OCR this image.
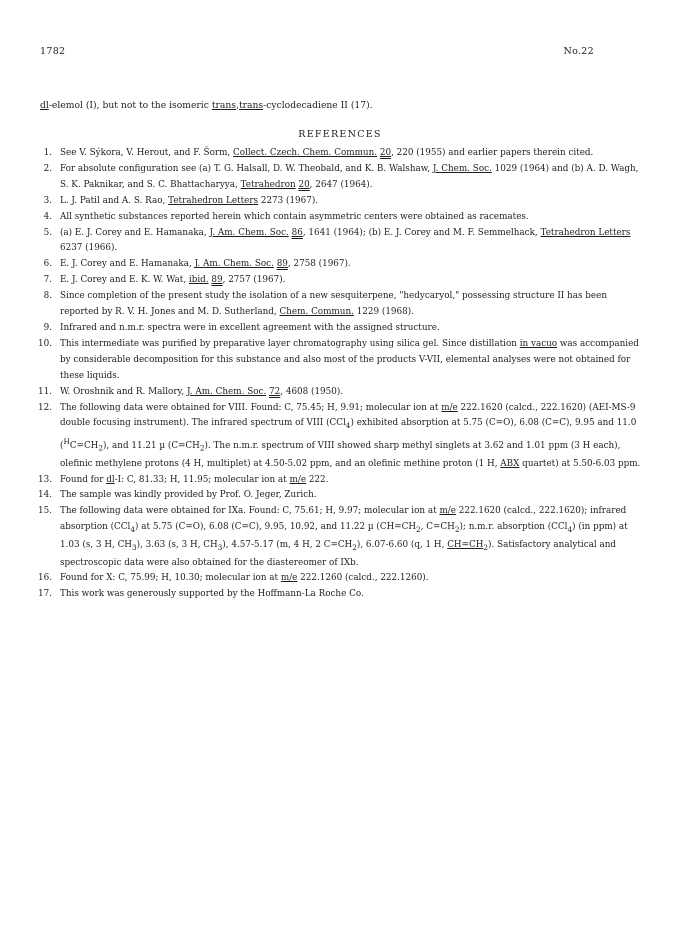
1782	No.22
dl-elemol (I), but not to the isomeric trans,trans-cyclodecadiene II (17).
REFERENCES
1. See V. Sýkora, V. Herout, and F. Šorm, Collect. Czech. Chem. Commun. 20, 220 (1955) and earlier papers therein cited.
2. For absolute configuration see (a) T. G. Halsall, D. W. Theobald, and K. B. Walshaw, J. Chem. Soc. 1029 (1964) and (b) A. D. Wagh, S. K. Paknikar, and S. C. Bhattacharyya, Tetrahedron 20, 2647 (1964).
3. L. J. Patil and A. S. Rao, Tetrahedron Letters 2273 (1967).
4. All synthetic substances reported herein which contain asymmetric centers were obtained as racemates.
5. (a) E. J. Corey and E. Hamanaka, J. Am. Chem. Soc. 86, 1641 (1964); (b) E. J. Corey and M. F. Semmelhack, Tetrahedron Letters 6237 (1966).
6. E. J. Corey and E. Hamanaka, J. Am. Chem. Soc. 89, 2758 (1967).
7. E. J. Corey and E. K. W. Wat, ibid. 89, 2757 (1967).
8. Since completion of the present study the isolation of a new sesquiterpene, "hedycaryol," possessing structure II has been reported by R. V. H. Jones and M. D. Sutherland, Chem. Commun. 1229 (1968).
9. Infrared and n.m.r. spectra were in excellent agreement with the assigned structure.
10. This intermediate was purified by preparative layer chromatography using silica gel. Since distillation in vacuo was accompanied by considerable decomposition for this substance and also most of the products V-VII, elemental analyses were not obtained for these liquids.
11. W. Oroshnik and R. Mallory, J. Am. Chem. Soc. 72, 4608 (1950).
12. The following data were obtained for VIII. Found: C, 75.45; H, 9.91; molecular ion at m/e 222.1620 (calcd., 222.1620) (AEI-MS-9 double focusing instrument). The infrared spectrum of VIII (CCl$_4$) exhibited absorption at 5.75 (C=O), 6.08 (C=C), 9.95 and 11.0 $(^HC=CH_2)$, and 11.21 µ $(C=CH_2)$. The n.m.r. spectrum of VIII showed sharp methyl singlets at 3.62 and 1.01 ppm (3 H each), olefinic methylene protons (4 H, multiplet) at 4.50-5.02 ppm, and an olefinic methine proton (1 H, ABX quartet) at 5.50-6.03 ppm.
13. Found for dl-I: C, 81.33; H, 11.95; molecular ion at m/e 222.
14. The sample was kindly provided by Prof. O. Jeger, Zurich.
15. The following data were obtained for IXa. Found: C, 75.61; H, 9.97; molecular ion at m/e 222.1620 (calcd., 222.1620); infrared absorption (CCl$_4$) at 5.75 (C=O), 6.08 (C=C), 9.95, 10.92, and 11.22 µ ($CH=CH_2$, $C=CH_2$); n.m.r. absorption (CCl$_4$) (in ppm) at 1.03 (s, 3 H, $CH_3$), 3.63 (s, 3 H, $CH_3$), 4.57-5.17 (m, 4 H, 2 $C=CH_2$), 6.07-6.60 (q, 1 H, $CH=CH_2$). Satisfactory analytical and spectroscopic data were also obtained for the diastereomer of IXb.
16. Found for X: C, 75.99; H, 10.30; molecular ion at m/e 222.1260 (calcd., 222.1260).
17. This work was generously supported by the Hoffmann-La Roche Co.
